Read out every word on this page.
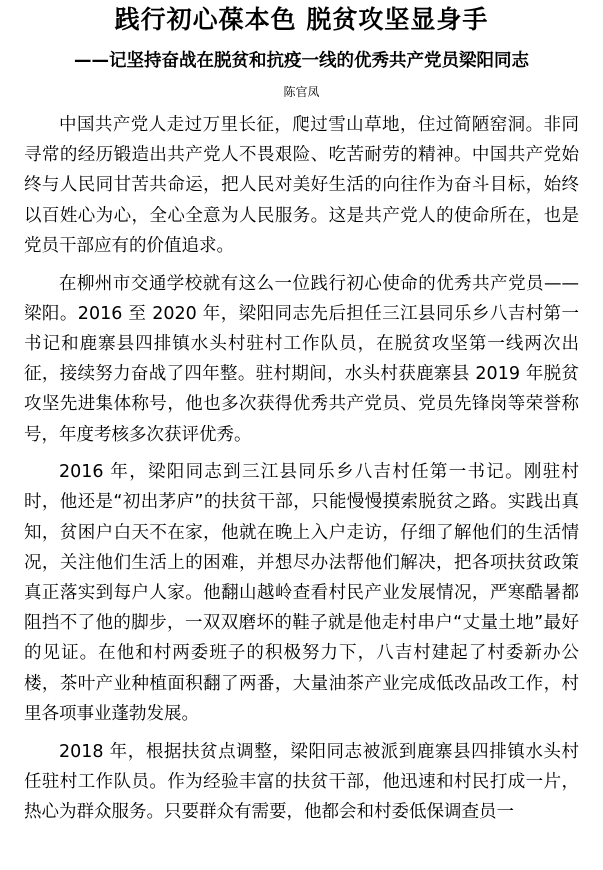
践行初心葆本色 脱贫攻坚显身手
——记坚持奋战在脱贫和抗疫一线的优秀共产党员梁阳同志
陈官凤

中国共产党人走过万里长征，爬过雪山草地，住过简陋窑洞。非同寻常的经历锻造出共产党人不畏艰险、吃苦耐劳的精神。中国共产党始终与人民同甘苦共命运，把人民对美好生活的向往作为奋斗目标，始终以百姓心为心，全心全意为人民服务。这是共产党人的使命所在，也是党员干部应有的价值追求。

在柳州市交通学校就有这么一位践行初心使命的优秀共产党员——梁阳。2016 至 2020 年，梁阳同志先后担任三江县同乐乡八吉村第一书记和鹿寨县四排镇水头村驻村工作队员，在脱贫攻坚第一线两次出征，接续努力奋战了四年整。驻村期间，水头村获鹿寨县 2019 年脱贫攻坚先进集体称号，他也多次获得优秀共产党员、党员先锋岗等荣誉称号，年度考核多次获评优秀。

2016 年，梁阳同志到三江县同乐乡八吉村任第一书记。刚驻村时，他还是“初出茅庐”的扶贫干部，只能慢慢摸索脱贫之路。实践出真知，贫困户白天不在家，他就在晚上入户走访，仔细了解他们的生活情况，关注他们生活上的困难，并想尽办法帮他们解决，把各项扶贫政策真正落实到每户人家。他翻山越岭查看村民产业发展情况，严寒酷暑都阻挡不了他的脚步，一双双磨坏的鞋子就是他走村串户“丈量土地”最好的见证。在他和村两委班子的积极努力下，八吉村建起了村委新办公楼，茶叶产业种植面积翻了两番，大量油茶产业完成低改品改工作，村里各项事业蓬勃发展。

2018 年，根据扶贫点调整，梁阳同志被派到鹿寨县四排镇水头村任驻村工作队员。作为经验丰富的扶贫干部，他迅速和村民打成一片，热心为群众服务。只要群众有需要，他都会和村委低保调查员一
